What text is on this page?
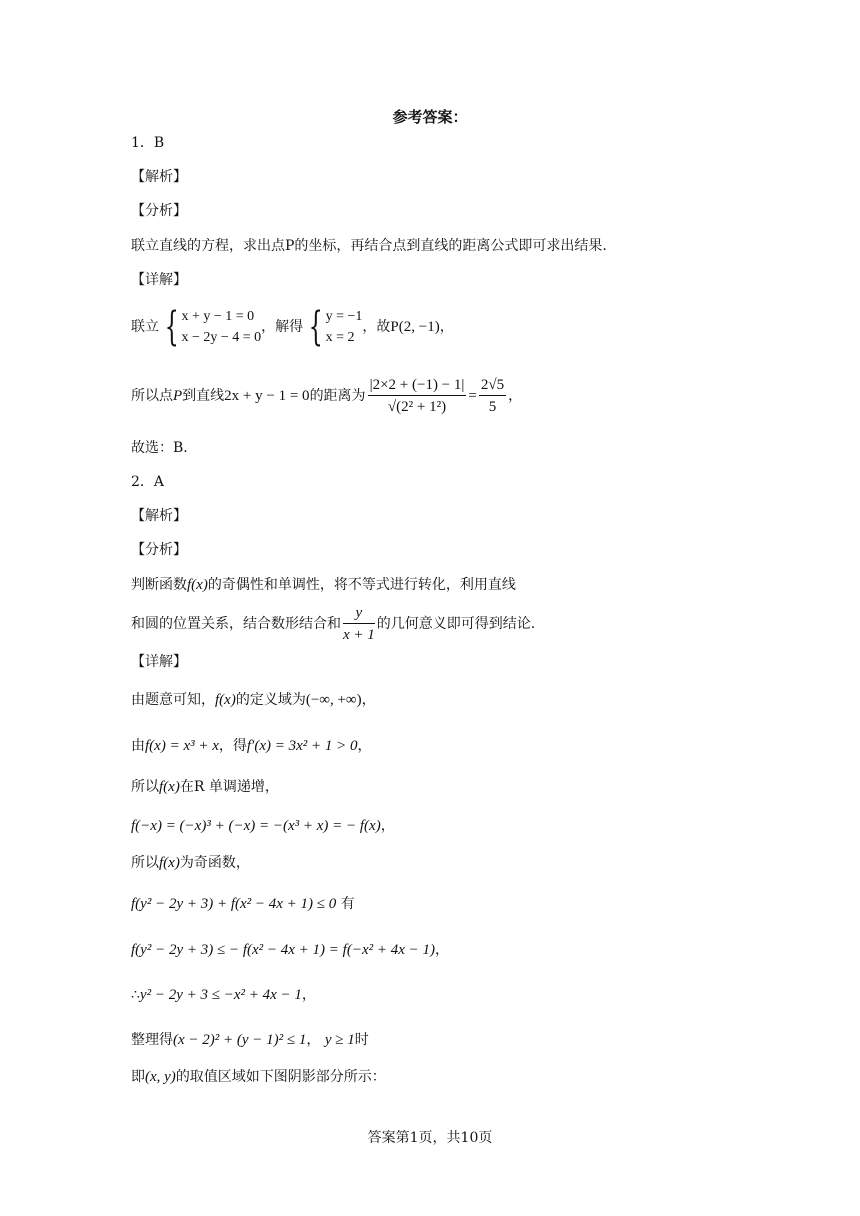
参考答案：
1．B
【解析】
【分析】
联立直线的方程，求出点P的坐标，再结合点到直线的距离公式即可求出结果.
【详解】
联立 { x + y − 1 = 0
x − 2y − 4 = 0
，解得 { y = −1
x = 2
，故P(2, −1)，
所以点P到直线2x + y − 1 = 0的距离为 $\frac{|2\times 2 + (-1) - 1|}{\text{√(2² + 1²)}} = \frac{2√5}{5}$ ，
故选：B.
2．A
【解析】
【分析】
判断函数f(x)的奇偶性和单调性，将不等式进行转化，利用直线
和圆的位置关系，结合数形结合和 $\frac{y}{x + 1}$ 的几何意义即可得到结论.
【详解】
由题意可知，f(x)的定义域为(−∞, +∞)，
由f(x) = x³ + x，得f′(x) = 3x² + 1 > 0，
所以f(x)在R 单调递增，
f(−x) = (−x)³ + (−x) = −(x³ + x) = − f(x)，
所以f(x)为奇函数，
f(y² − 2y + 3) + f(x² − 4x + 1) ≤ 0 有
f(y² − 2y + 3) ≤ − f(x² − 4x + 1) = f(−x² + 4x − 1)，
∴y² − 2y + 3 ≤ −x² + 4x − 1，
整理得(x − 2)² + (y − 1)² ≤ 1， y ≥ 1时
即(x, y)的取值区域如下图阴影部分所示：
答案第1页，共10页
